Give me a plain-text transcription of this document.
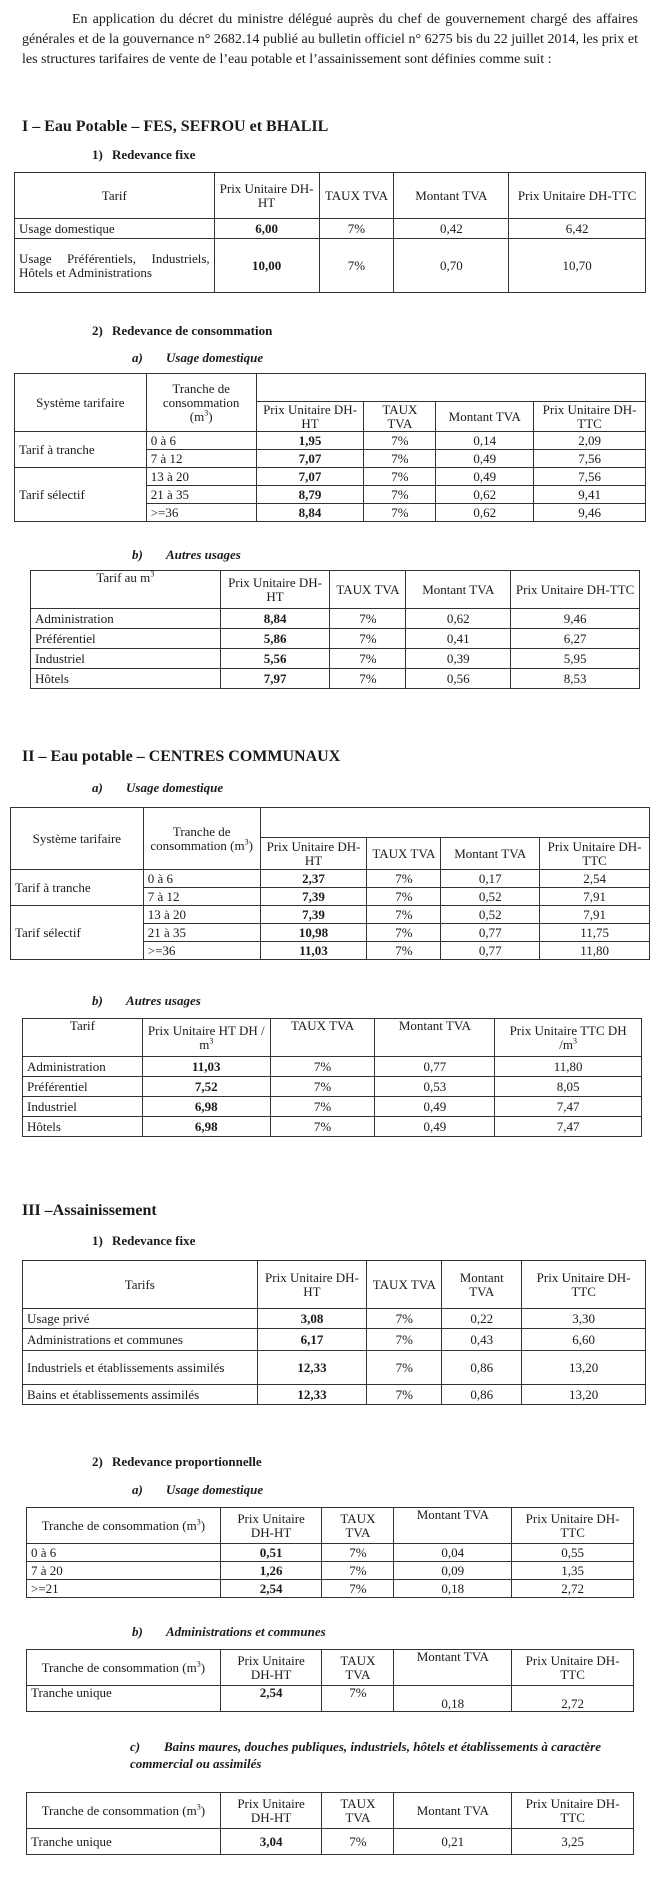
En application du décret du ministre délégué auprès du chef de gouvernement chargé des affaires générales et de la gouvernance n° 2682.14 publié au bulletin officiel n° 6275 bis du 22 juillet 2014, les prix et les structures tarifaires de vente de l’eau potable et l’assainissement sont définies comme suit :

I – Eau Potable – FES, SEFROU et BHALIL
1) Redevance fixe
Tarif	Prix Unitaire DH-HT	TAUX TVA	Montant TVA	Prix Unitaire DH-TTC
Usage domestique	6,00	7%	0,42	6,42
Usage Préférentiels, Industriels, Hôtels et Administrations	10,00	7%	0,70	10,70
2) Redevance de consommation
a) Usage domestique
Système tarifaire	Tranche de consommation $(m^3)$				
		Prix Unitaire DH-HT	TAUX TVA	Montant TVA	Prix Unitaire DH-TTC
Tarif à tranche	0 à 6	1,95	7%	0,14	2,09
	7 à 12	7,07	7%	0,49	7,56
Tarif sélectif	13 à 20	7,07	7%	0,49	7,56
	21 à 35	8,79	7%	0,62	9,41
	>=36	8,84	7%	0,62	9,46
b) Autres usages
Tarif au $m^3$	Prix Unitaire DH-HT	TAUX TVA	Montant TVA	Prix Unitaire DH-TTC
Administration	8,84	7%	0,62	9,46
Préférentiel	5,86	7%	0,41	6,27
Industriel	5,56	7%	0,39	5,95
Hôtels	7,97	7%	0,56	8,53
II – Eau potable – CENTRES COMMUNAUX
a) Usage domestique
Système tarifaire	Tranche de consommation $(m^3)$				
		Prix Unitaire DH-HT	TAUX TVA	Montant TVA	Prix Unitaire DH-TTC
Tarif à tranche	0 à 6	2,37	7%	0,17	2,54
	7 à 12	7,39	7%	0,52	7,91
Tarif sélectif	13 à 20	7,39	7%	0,52	7,91
	21 à 35	10,98	7%	0,77	11,75
	>=36	11,03	7%	0,77	11,80
b) Autres usages
Tarif	Prix Unitaire HT DH / $m^3$	TAUX TVA	Montant TVA	Prix Unitaire TTC DH $/m^3$
Administration	11,03	7%	0,77	11,80
Préférentiel	7,52	7%	0,53	8,05
Industriel	6,98	7%	0,49	7,47
Hôtels	6,98	7%	0,49	7,47
III –Assainissement
1) Redevance fixe
Tarifs	Prix Unitaire DH-HT	TAUX TVA	Montant TVA	Prix Unitaire DH-TTC
Usage privé	3,08	7%	0,22	3,30
Administrations et communes	6,17	7%	0,43	6,60
Industriels et établissements assimilés	12,33	7%	0,86	13,20
Bains et établissements assimilés	12,33	7%	0,86	13,20
2) Redevance proportionnelle
a) Usage domestique
Tranche de consommation $(m^3)$	Prix Unitaire DH-HT	TAUX TVA	Montant TVA	Prix Unitaire DH-TTC
0 à 6	0,51	7%	0,04	0,55
7 à 20	1,26	7%	0,09	1,35
>=21	2,54	7%	0,18	2,72
b) Administrations et communes
Tranche de consommation $(m^3)$	Prix Unitaire DH-HT	TAUX TVA	Montant TVA	Prix Unitaire DH-TTC
Tranche unique	2,54	7%	0,18	2,72
c) Bains maures, douches publiques, industriels, hôtels et établissements à caractère commercial ou assimilés
Tranche de consommation $(m^3)$	Prix Unitaire DH-HT	TAUX TVA	Montant TVA	Prix Unitaire DH-TTC
Tranche unique	3,04	7%	0,21	3,25
